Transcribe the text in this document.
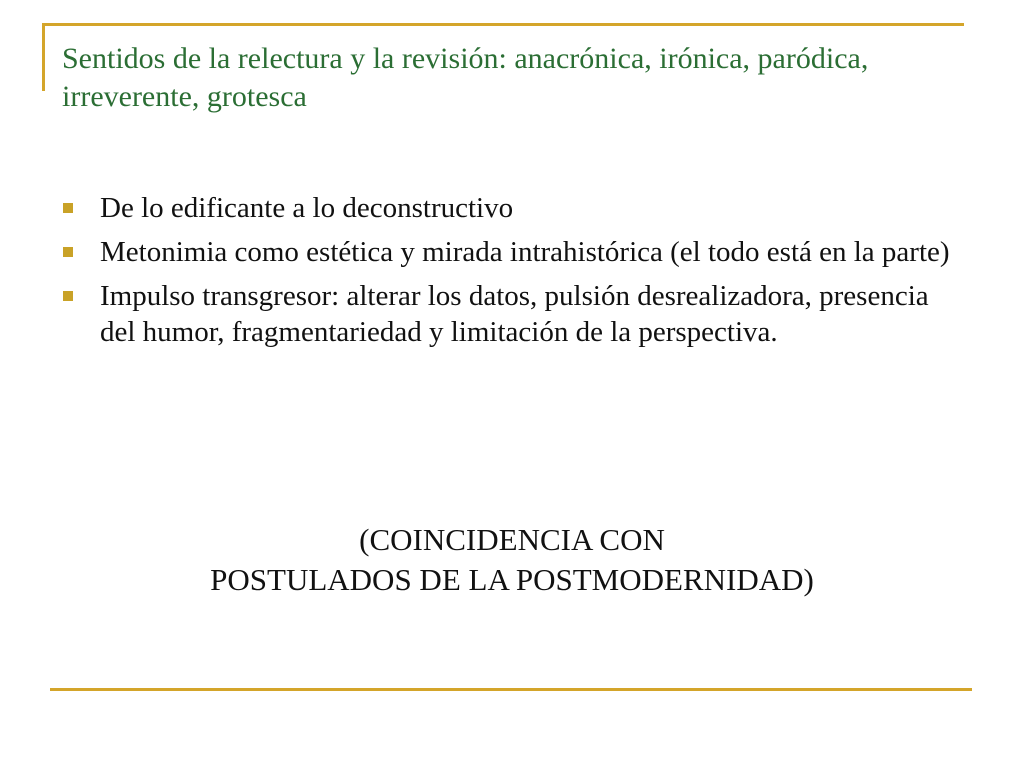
Sentidos de la relectura y la revisión: anacrónica, irónica, paródica, irreverente, grotesca
De lo edificante a lo deconstructivo
Metonimia como estética y mirada intrahistórica (el todo está en la parte)
Impulso transgresor: alterar los datos, pulsión desrealizadora, presencia del humor, fragmentariedad y limitación de la perspectiva.

(COINCIDENCIA CON
POSTULADOS DE LA POSTMODERNIDAD)
